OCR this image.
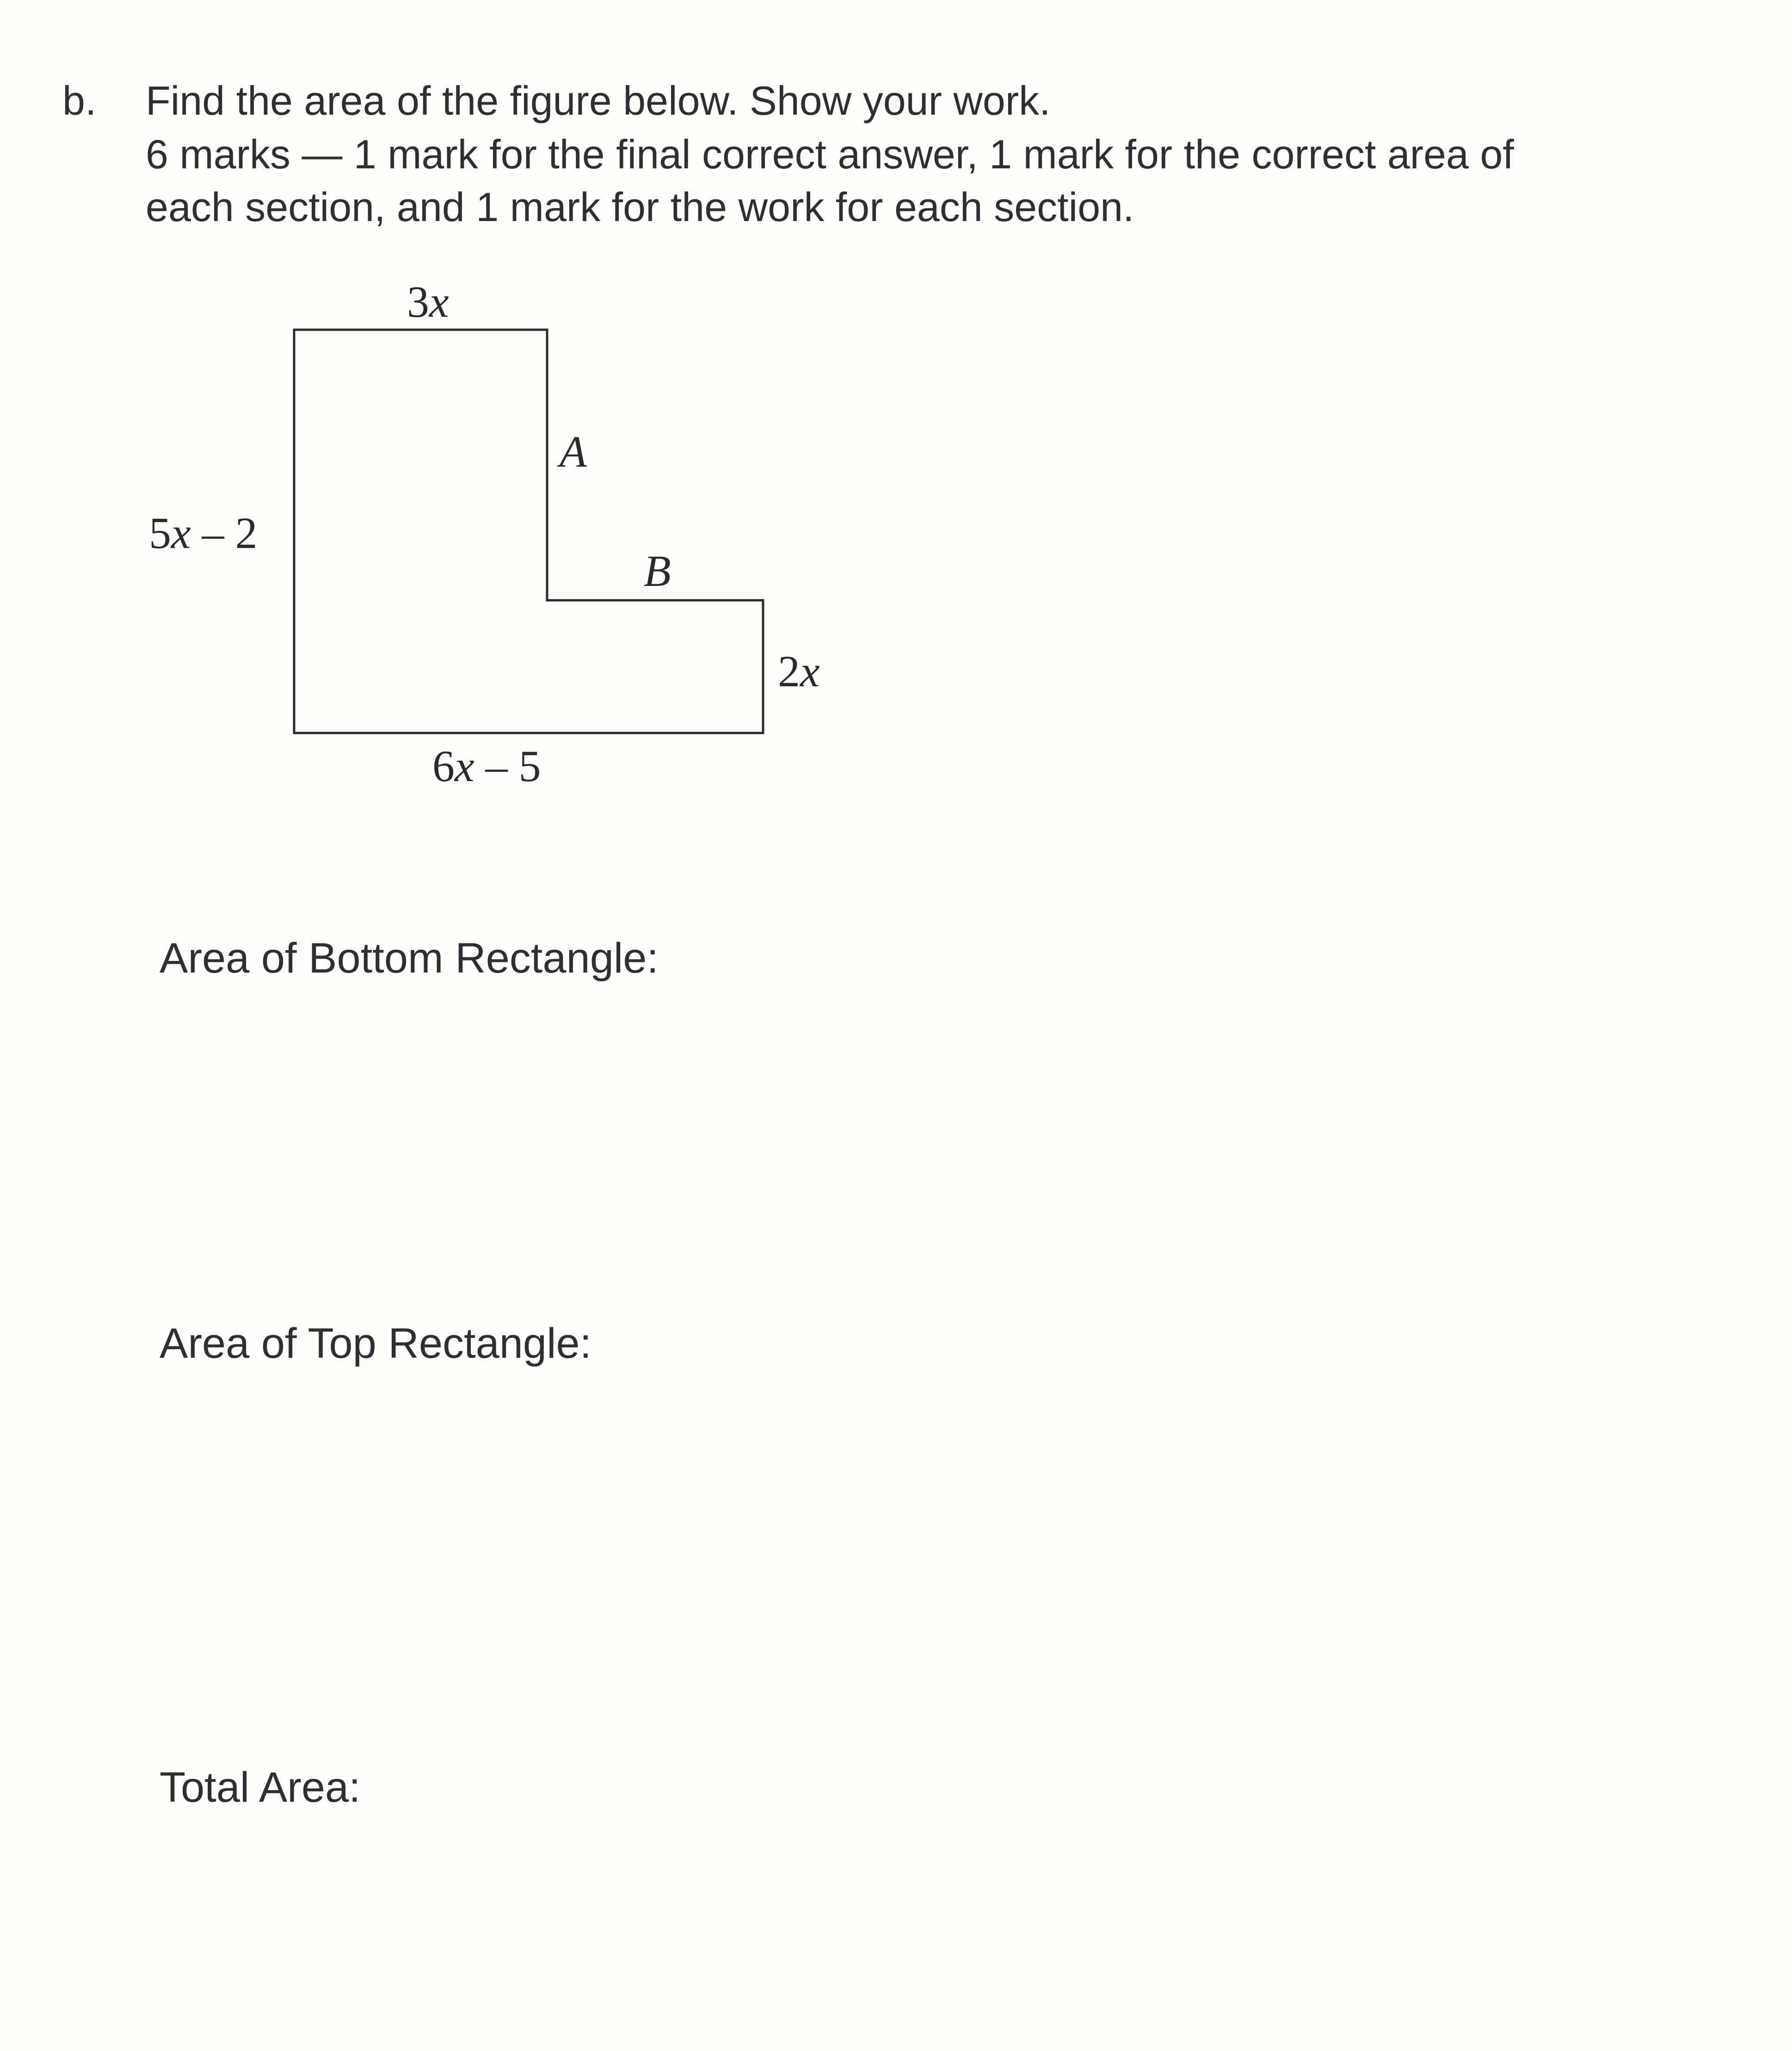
b. Find the area of the figure below. Show your work.
6 marks — 1 mark for the final correct answer, 1 mark for the correct area of
each section, and 1 mark for the work for each section.
3x
5x – 2
2x
6x – 5
A
B
Area of Bottom Rectangle:
Area of Top Rectangle:
Total Area:
